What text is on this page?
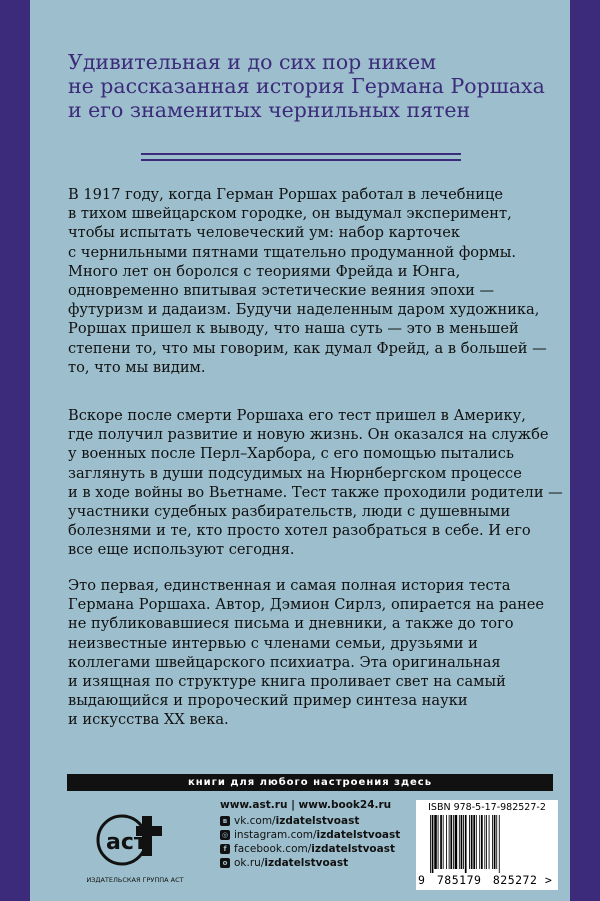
Удивительная и до сих пор никем
не рассказанная история Германа Роршаха
и его знаменитых чернильных пятен
В 1917 году, когда Герман Роршах работал в лечебнице
в тихом швейцарском городке, он выдумал эксперимент,
чтобы испытать человеческий ум: набор карточек
с чернильными пятнами тщательно продуманной формы.
Много лет он боролся с теориями Фрейда и Юнга,
одновременно впитывая эстетические веяния эпохи —
футуризм и дадаизм. Будучи наделенным даром художника,
Роршах пришел к выводу, что наша суть — это в меньшей
степени то, что мы говорим, как думал Фрейд, а в большей —
то, что мы видим.
Вскоре после смерти Роршаха его тест пришел в Америку,
где получил развитие и новую жизнь. Он оказался на службе
у военных после Перл–Харбора, с его помощью пытались
заглянуть в души подсудимых на Нюрнбергском процессе
и в ходе войны во Вьетнаме. Тест также проходили родители —
участники судебных разбирательств, люди с душевными
болезнями и те, кто просто хотел разобраться в себе. И его
все еще используют сегодня.
Это первая, единственная и самая полная история теста
Германа Роршаха. Автор, Дэмион Сирлз, опирается на ранее
не публиковавшиеся письма и дневники, а также до того
неизвестные интервью с членами семьи, друзьями и
коллегами швейцарского психиатра. Эта оригинальная
и изящная по структуре книга проливает свет на самый
выдающийся и пророческий пример синтеза науки
и искусства XX века.
книги для любого настроения здесь
аст
ИЗДАТЕЛЬСКАЯ ГРУППА АСТ
www.ast.ru | www.book24.ru
в vk.com/ izdatelstvoast
◎ instagram.com/ izdatelstvoast
f facebook.com/ izdatelstvoast
о ok.ru/ izdatelstvoast
ISBN 978-5-17-982527-2
9 785179 825272 >
